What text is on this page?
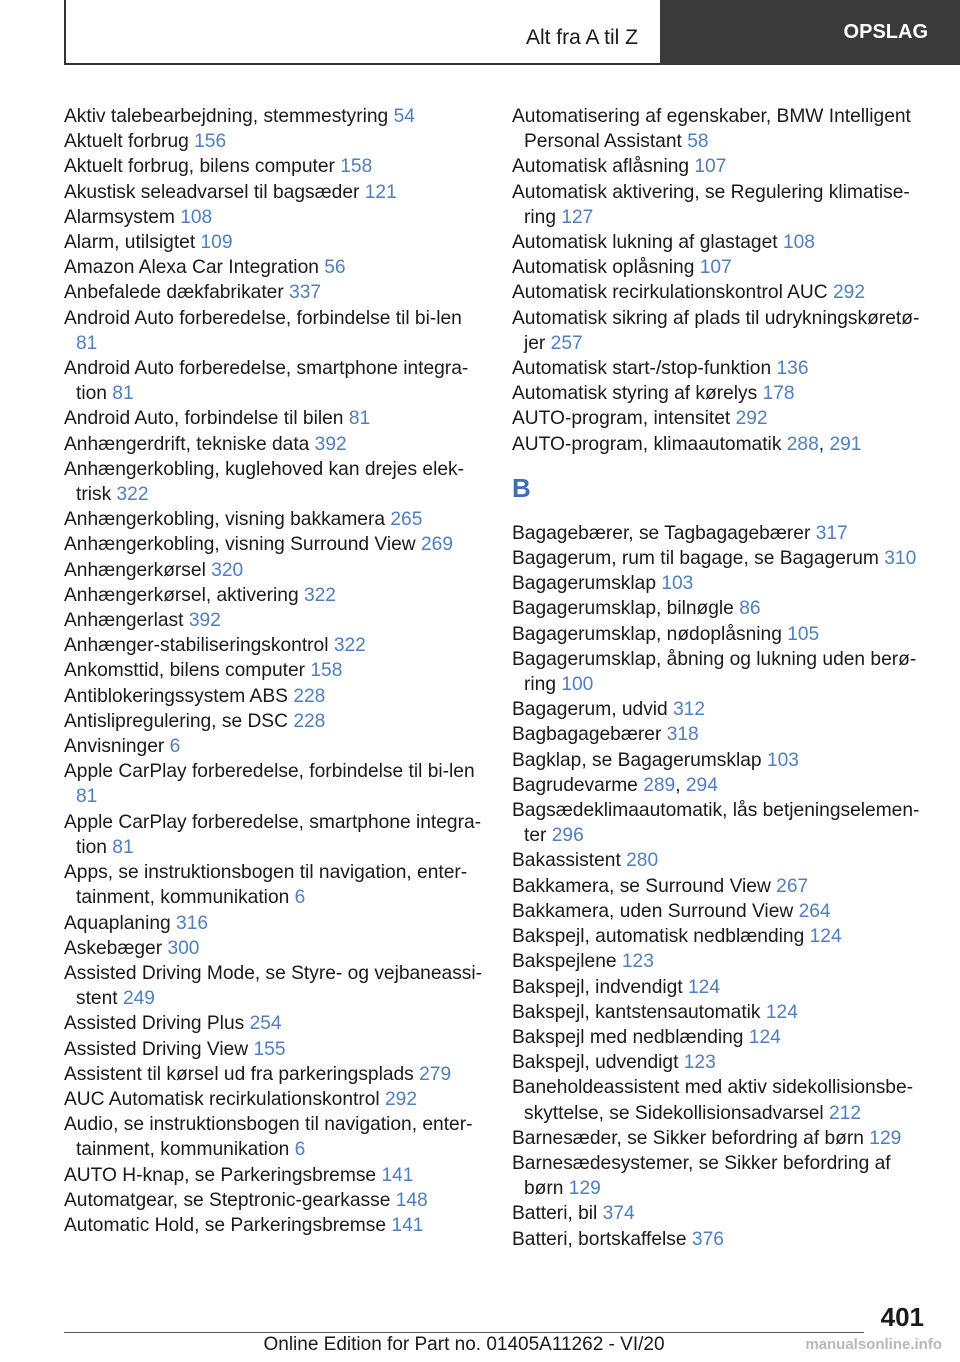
Alt fra A til Z	OPSLAG
Aktiv talebearbejdning, stemmestyring 54
Aktuelt forbrug 156
Aktuelt forbrug, bilens computer 158
Akustisk seleadvarsel til bagsæder 121
Alarmsystem 108
Alarm, utilsigtet 109
Amazon Alexa Car Integration 56
Anbefalede dækfabrikater 337
Android Auto forberedelse, forbindelse til bi‐len 81
Android Auto forberedelse, smartphone integra‐tion 81
Android Auto, forbindelse til bilen 81
Anhængerdrift, tekniske data 392
Anhængerkobling, kuglehoved kan drejes elek‐trisk 322
Anhængerkobling, visning bakkamera 265
Anhængerkobling, visning Surround View 269
Anhængerkørsel 320
Anhængerkørsel, aktivering 322
Anhængerlast 392
Anhænger-stabiliseringskontrol 322
Ankomsttid, bilens computer 158
Antiblokeringssystem ABS 228
Antislipregulering, se DSC 228
Anvisninger 6
Apple CarPlay forberedelse, forbindelse til bi‐len 81
Apple CarPlay forberedelse, smartphone integra‐tion 81
Apps, se instruktionsbogen til navigation, enter‐tainment, kommunikation 6
Aquaplaning 316
Askebæger 300
Assisted Driving Mode, se Styre- og vejbaneassi‐stent 249
Assisted Driving Plus 254
Assisted Driving View 155
Assistent til kørsel ud fra parkeringsplads 279
AUC Automatisk recirkulationskontrol 292
Audio, se instruktionsbogen til navigation, enter‐tainment, kommunikation 6
AUTO H-knap, se Parkeringsbremse 141
Automatgear, se Steptronic-gearkasse 148
Automatic Hold, se Parkeringsbremse 141
Automatisering af egenskaber, BMW Intelligent Personal Assistant 58
Automatisk aflåsning 107
Automatisk aktivering, se Regulering klimatise‐ring 127
Automatisk lukning af glastaget 108
Automatisk oplåsning 107
Automatisk recirkulationskontrol AUC 292
Automatisk sikring af plads til udrykningskøretø‐jer 257
Automatisk start-/stop-funktion 136
Automatisk styring af kørelys 178
AUTO-program, intensitet 292
AUTO-program, klimaautomatik 288, 291
B
Bagagebærer, se Tagbagagebærer 317
Bagagerum, rum til bagage, se Bagagerum 310
Bagagerumsklap 103
Bagagerumsklap, bilnøgle 86
Bagagerumsklap, nødoplåsning 105
Bagagerumsklap, åbning og lukning uden berø‐ring 100
Bagagerum, udvid 312
Bagbagagebærer 318
Bagklap, se Bagagerumsklap 103
Bagrudevarme 289, 294
Bagsædeklimaautomatik, lås betjeningselemen‐ter 296
Bakassistent 280
Bakkamera, se Surround View 267
Bakkamera, uden Surround View 264
Bakspejl, automatisk nedblænding 124
Bakspejlene 123
Bakspejl, indvendigt 124
Bakspejl, kantstensautomatik 124
Bakspejl med nedblænding 124
Bakspejl, udvendigt 123
Baneholdeassistent med aktiv sidekollisionsbe‐skyttelse, se Sidekollisionsadvarsel 212
Barnesæder, se Sikker befordring af børn 129
Barnesædesystemer, se Sikker befordring af børn 129
Batteri, bil 374
Batteri, bortskaffelse 376
401
Online Edition for Part no. 01405A11262 - VI/20	manualsonline.info
